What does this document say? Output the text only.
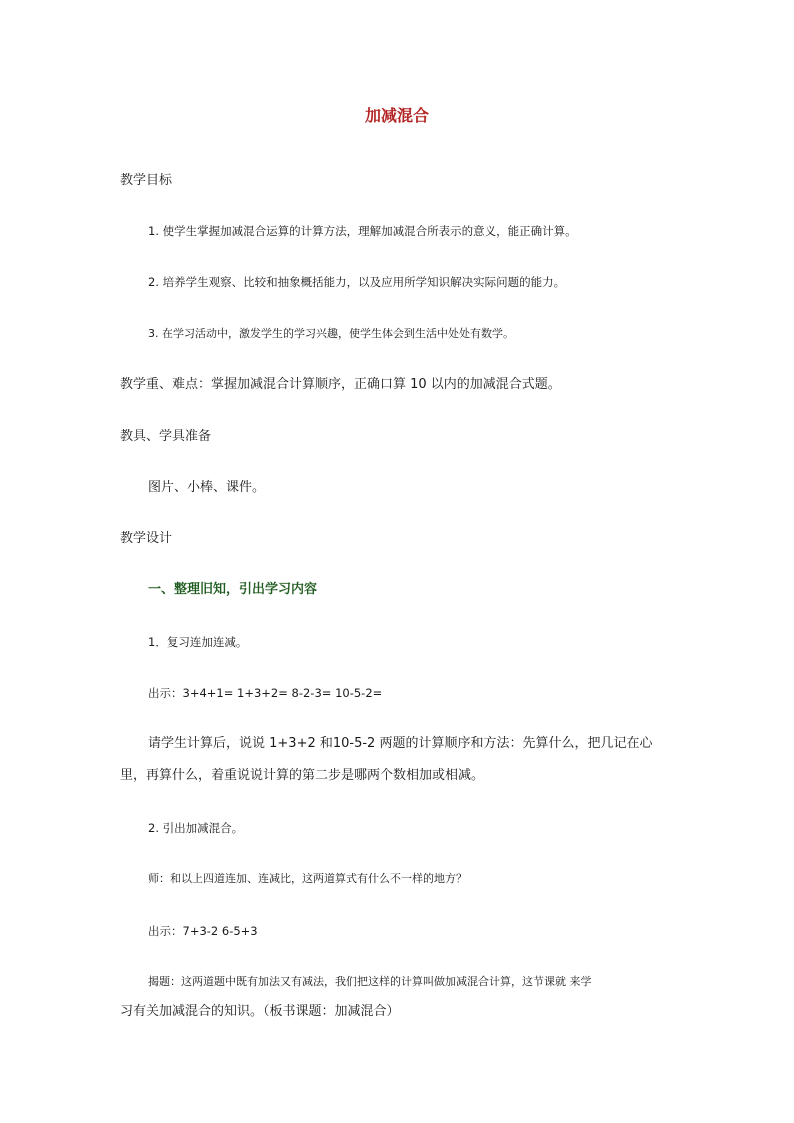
加减混合
教学目标
1. 使学生掌握加减混合运算的计算方法，理解加减混合所表示的意义，能正确计算。
2. 培养学生观察、比较和抽象概括能力，以及应用所学知识解决实际问题的能力。
3. 在学习活动中，激发学生的学习兴趣，使学生体会到生活中处处有数学。
教学重、难点：掌握加减混合计算顺序，正确口算 10 以内的加减混合式题。
教具、学具准备
图片、小棒、课件。
教学设计
一、整理旧知，引出学习内容
1．复习连加连减。
出示：3+4+1= 1+3+2= 8-2-3= 10-5-2=
请学生计算后，说说 1+3+2 和10-5-2 两题的计算顺序和方法：先算什么，把几记在心
里，再算什么，着重说说计算的第二步是哪两个数相加或相减。
2. 引出加减混合。
师：和以上四道连加、连减比，这两道算式有什么不一样的地方？
出示：7+3-2 6-5+3
揭题：这两道题中既有加法又有减法，我们把这样的计算叫做加减混合计算，这节课就 来学
习有关加减混合的知识。（板书课题：加减混合）
